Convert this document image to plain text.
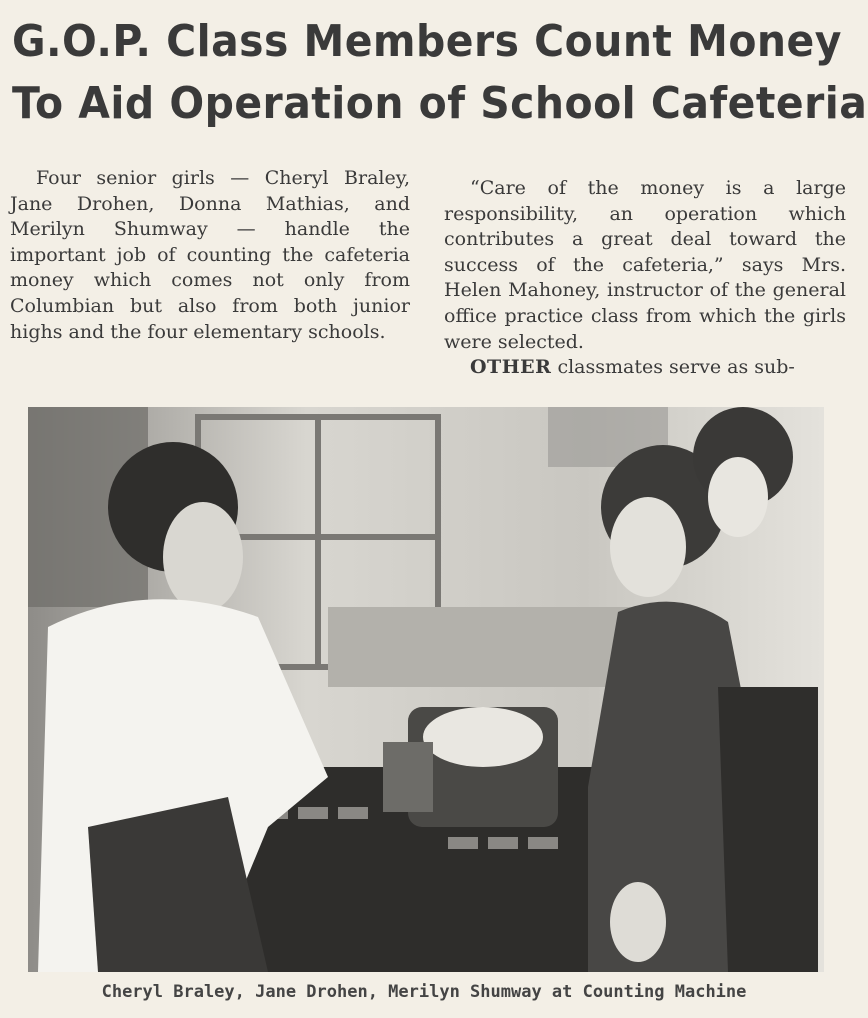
G.O.P. Class Members Count Money
To Aid Operation of School Cafeteria

Four senior girls — Cheryl Braley, Jane Drohen, Donna Mathias, and Merilyn Shumway — handle the important job of counting the cafeteria money which comes not only from Columbian but also from both junior highs and the four elementary schools.

“Care of the money is a large responsibility, an operation which contributes a great deal toward the success of the cafeteria,” says Mrs. Helen Mahoney, instructor of the general office practice class from which the girls were selected.

OTHER classmates serve as sub-

Cheryl Braley, Jane Drohen, Merilyn Shumway at Counting Machine
